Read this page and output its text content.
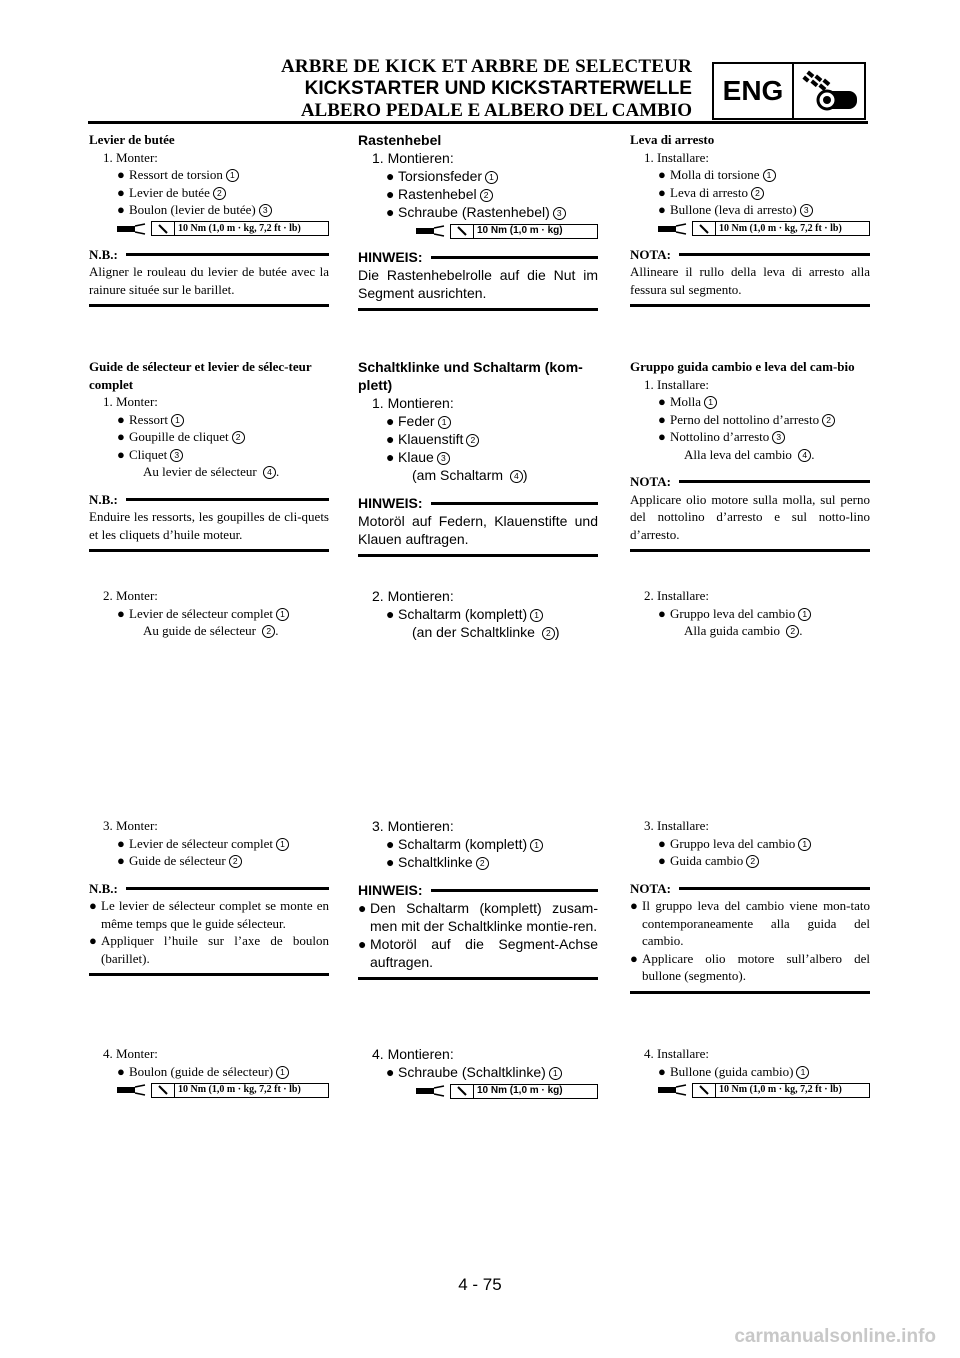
ARBRE DE KICK ET ARBRE DE SELECTEUR
KICKSTARTER UND KICKSTARTERWELLE
ALBERO PEDALE E ALBERO DEL CAMBIO
ENG
Levier de butée
1. Monter:
● Ressort de torsion 1
● Levier de butée 2
● Boulon (levier de butée) 3
10 Nm (1,0 m · kg, 7,2 ft · lb)
N.B.:
Aligner le rouleau du levier de butée avec la rainure située sur le barillet.
Guide de sélecteur et levier de sélec-teur complet
1. Monter:
● Ressort 1
● Goupille de cliquet 2
● Cliquet 3
Au levier de sélecteur 4 .
N.B.:
Enduire les ressorts, les goupilles de cli-quets et les cliquets d’huile moteur.
2. Monter:
● Levier de sélecteur complet 1
Au guide de sélecteur 2 .
3. Monter:
● Levier de sélecteur complet 1
● Guide de sélecteur 2
N.B.:
● Le levier de sélecteur complet se monte en même temps que le guide sélecteur.
● Appliquer l’huile sur l’axe de boulon (barillet).
4. Monter:
● Boulon (guide de sélecteur) 1
10 Nm (1,0 m · kg, 7,2 ft · lb)
Rastenhebel
1. Montieren:
● Torsionsfeder 1
● Rastenhebel 2
● Schraube (Rastenhebel) 3
10 Nm (1,0 m · kg)
HINWEIS:
Die Rastenhebelrolle auf die Nut im Segment ausrichten.
Schaltklinke und Schaltarm (kom-plett)
1. Montieren:
● Feder 1
● Klauenstift 2
● Klaue 3
(am Schaltarm 4 )
HINWEIS:
Motoröl auf Federn, Klauenstifte und Klauen auftragen.
2. Montieren:
● Schaltarm (komplett) 1
(an der Schaltklinke 2 )
3. Montieren:
● Schaltarm (komplett) 1
● Schaltklinke 2
HINWEIS:
● Den Schaltarm (komplett) zusam-men mit der Schaltklinke montie-ren.
● Motoröl auf die Segment-Achse auftragen.
4. Montieren:
● Schraube (Schaltklinke) 1
10 Nm (1,0 m · kg)
Leva di arresto
1. Installare:
● Molla di torsione 1
● Leva di arresto 2
● Bullone (leva di arresto) 3
10 Nm (1,0 m · kg, 7,2 ft · lb)
NOTA:
Allineare il rullo della leva di arresto alla fessura sul segmento.
Gruppo guida cambio e leva del cam-bio
1. Installare:
● Molla 1
● Perno del nottolino d’arresto 2
● Nottolino d’arresto 3
Alla leva del cambio 4 .
NOTA:
Applicare olio motore sulla molla, sul perno del nottolino d’arresto e sul notto-lino d’arresto.
2. Installare:
● Gruppo leva del cambio 1
Alla guida cambio 2 .
3. Installare:
● Gruppo leva del cambio 1
● Guida cambio 2
NOTA:
● Il gruppo leva del cambio viene mon-tato contemporaneamente alla guida del cambio.
● Applicare olio motore sull’albero del bullone (segmento).
4. Installare:
● Bullone (guida cambio) 1
10 Nm (1,0 m · kg, 7,2 ft · lb)
4 - 75
carmanualsonline.info
